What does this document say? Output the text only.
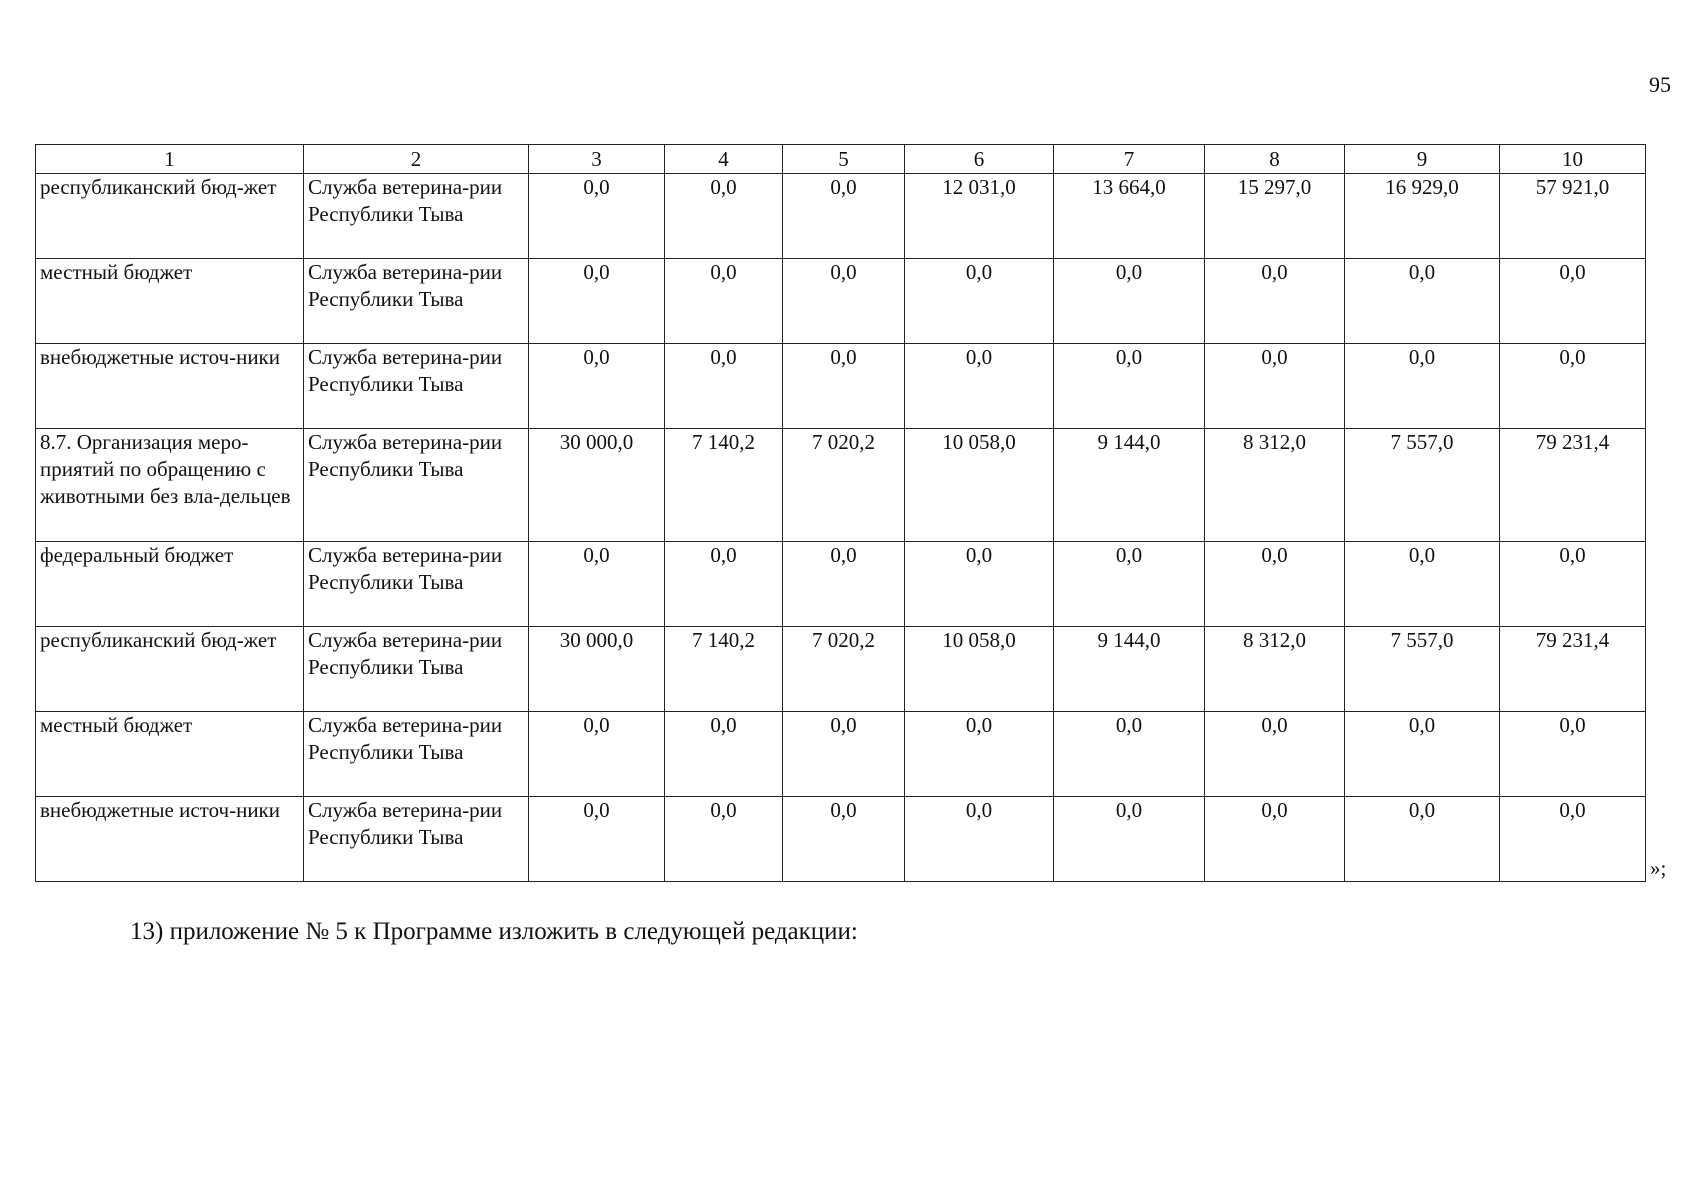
95
1	2	3	4	5	6	7	8	9	10
республиканский бюд-жет	Служба ветерина-рии Республики Тыва	0,0	0,0	0,0	12 031,0	13 664,0	15 297,0	16 929,0	57 921,0
местный бюджет	Служба ветерина-рии Республики Тыва	0,0	0,0	0,0	0,0	0,0	0,0	0,0	0,0
внебюджетные источ-ники	Служба ветерина-рии Республики Тыва	0,0	0,0	0,0	0,0	0,0	0,0	0,0	0,0
8.7. Организация меро-приятий по обращению с животными без вла-дельцев	Служба ветерина-рии Республики Тыва	30 000,0	7 140,2	7 020,2	10 058,0	9 144,0	8 312,0	7 557,0	79 231,4
федеральный бюджет	Служба ветерина-рии Республики Тыва	0,0	0,0	0,0	0,0	0,0	0,0	0,0	0,0
республиканский бюд-жет	Служба ветерина-рии Республики Тыва	30 000,0	7 140,2	7 020,2	10 058,0	9 144,0	8 312,0	7 557,0	79 231,4
местный бюджет	Служба ветерина-рии Республики Тыва	0,0	0,0	0,0	0,0	0,0	0,0	0,0	0,0
внебюджетные источ-ники	Служба ветерина-рии Республики Тыва	0,0	0,0	0,0	0,0	0,0	0,0	0,0	0,0
»;
13) приложение № 5 к Программе изложить в следующей редакции:
